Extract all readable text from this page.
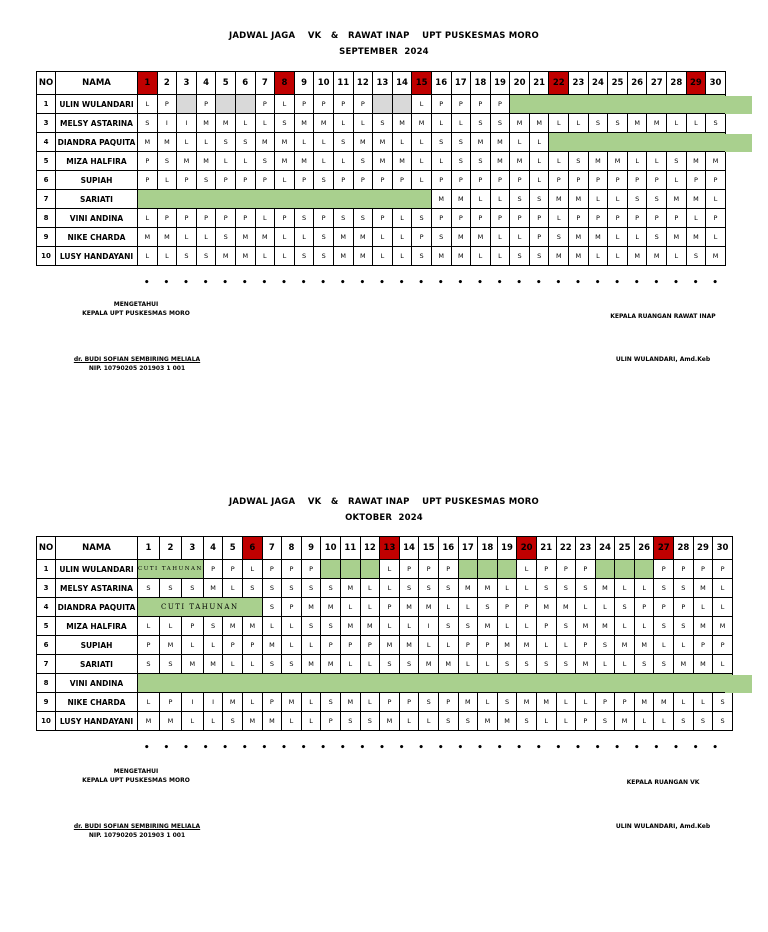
JADWAL JAGA    VK   &   RAWAT INAP    UPT PUSKESMAS MORO
SEPTEMBER  2024
NO	NAMA	1	2	3	4	5	6	7	8	9	10	11	12	13	14	15	16	17	18	19	20	21	22	23	24	25	26	27	28	29	30
1	ULIN WULANDARI	L	P		P			P	L	P	P	P	P			L	P	P	P	P											
3	MELSY ASTARINA	S	I	I	M	M	L	L	S	M	M	L	L	S	M	M	L	L	S	S	M	M	L	L	S	S	M	M	L	L	S
4	DIANDRA PAQUITA	M	M	L	L	S	S	M	M	L	L	S	M	M	L	L	S	S	M	M	L	L									
5	MIZA HALFIRA	P	S	M	M	L	L	S	M	M	L	L	S	M	M	L	L	S	S	M	M	L	L	S	M	M	L	L	S	M	M
6	SUPIAH	P	L	P	S	P	P	P	L	P	S	P	P	P	P	L	P	P	P	P	P	L	P	P	P	P	P	P	L	P	P
7	SARIATI																M	M	L	L	S	S	M	M	L	L	S	S	M	M	L
8	VINI ANDINA	L	P	P	P	P	P	L	P	S	P	S	S	P	L	S	P	P	P	P	P	P	L	P	P	P	P	P	P	L	P
9	NIKE CHARDA	M	M	L	L	S	M	M	L	L	S	M	M	L	L	P	S	M	M	L	L	P	S	M	M	L	L	S	M	M	L
10	LUSY HANDAYANI	L	L	S	S	M	M	L	L	S	S	M	M	L	L	S	M	M	L	L	S	S	M	M	L	L	M	M	L	S	M
•	•	•	•	•	•	•	•	•	•	•	•	•	•	•	•	•	•	•	•	•	•	•	•	•	•	•	•	•	•
MENGETAHUI
KEPALA UPT PUSKESMAS MORO
dr. BUDI SOFIAN SEMBIRING MELIALA
NIP. 10790205 201903 1 001
KEPALA RUANGAN RAWAT INAP
ULIN WULANDARI, Amd.Keb
JADWAL JAGA    VK   &   RAWAT INAP    UPT PUSKESMAS MORO
OKTOBER  2024
NO	NAMA	1	2	3	4	5	6	7	8	9	10	11	12	13	14	15	16	17	18	19	20	21	22	23	24	25	26	27	28	29	30
1	ULIN WULANDARI	CUTI TAHUNAN			P	P	L	P	P	P				L	P	P	P				L	P	P	P				P	P	P	P
3	MELSY ASTARINA	S	S	S	M	L	S	S	S	S	S	M	L	L	S	S	S	M	M	L	L	S	S	S	M	L	L	S	S	M	L
4	DIANDRA PAQUITA	CUTI TAHUNAN						S	P	M	M	L	L	P	M	M	L	L	S	P	P	M	M	L	L	S	P	P	P	L	L
5	MIZA HALFIRA	L	L	P	S	M	M	L	L	S	S	M	M	L	L	I	S	S	M	L	L	P	S	M	M	L	L	S	S	M	M
6	SUPIAH	P	M	L	L	P	P	M	L	L	P	P	P	M	M	L	L	P	P	M	M	L	L	P	S	M	M	L	L	P	P
7	SARIATI	S	S	M	M	L	L	S	S	M	M	L	L	S	S	M	M	L	L	S	S	S	S	M	L	L	S	S	M	M	L
8	VINI ANDINA																														
9	NIKE CHARDA	L	P	I	I	M	L	P	M	L	S	M	L	P	P	S	P	M	L	S	M	M	L	L	P	P	M	M	L	L	S
10	LUSY HANDAYANI	M	M	L	L	S	M	M	L	L	P	S	S	M	L	L	S	S	M	M	S	L	L	P	S	M	L	L	S	S	S
•	•	•	•	•	•	•	•	•	•	•	•	•	•	•	•	•	•	•	•	•	•	•	•	•	•	•	•	•	•
MENGETAHUI
KEPALA UPT PUSKESMAS MORO
dr. BUDI SOFIAN SEMBIRING MELIALA
NIP. 10790205 201903 1 001
KEPALA RUANGAN VK
ULIN WULANDARI, Amd.Keb
